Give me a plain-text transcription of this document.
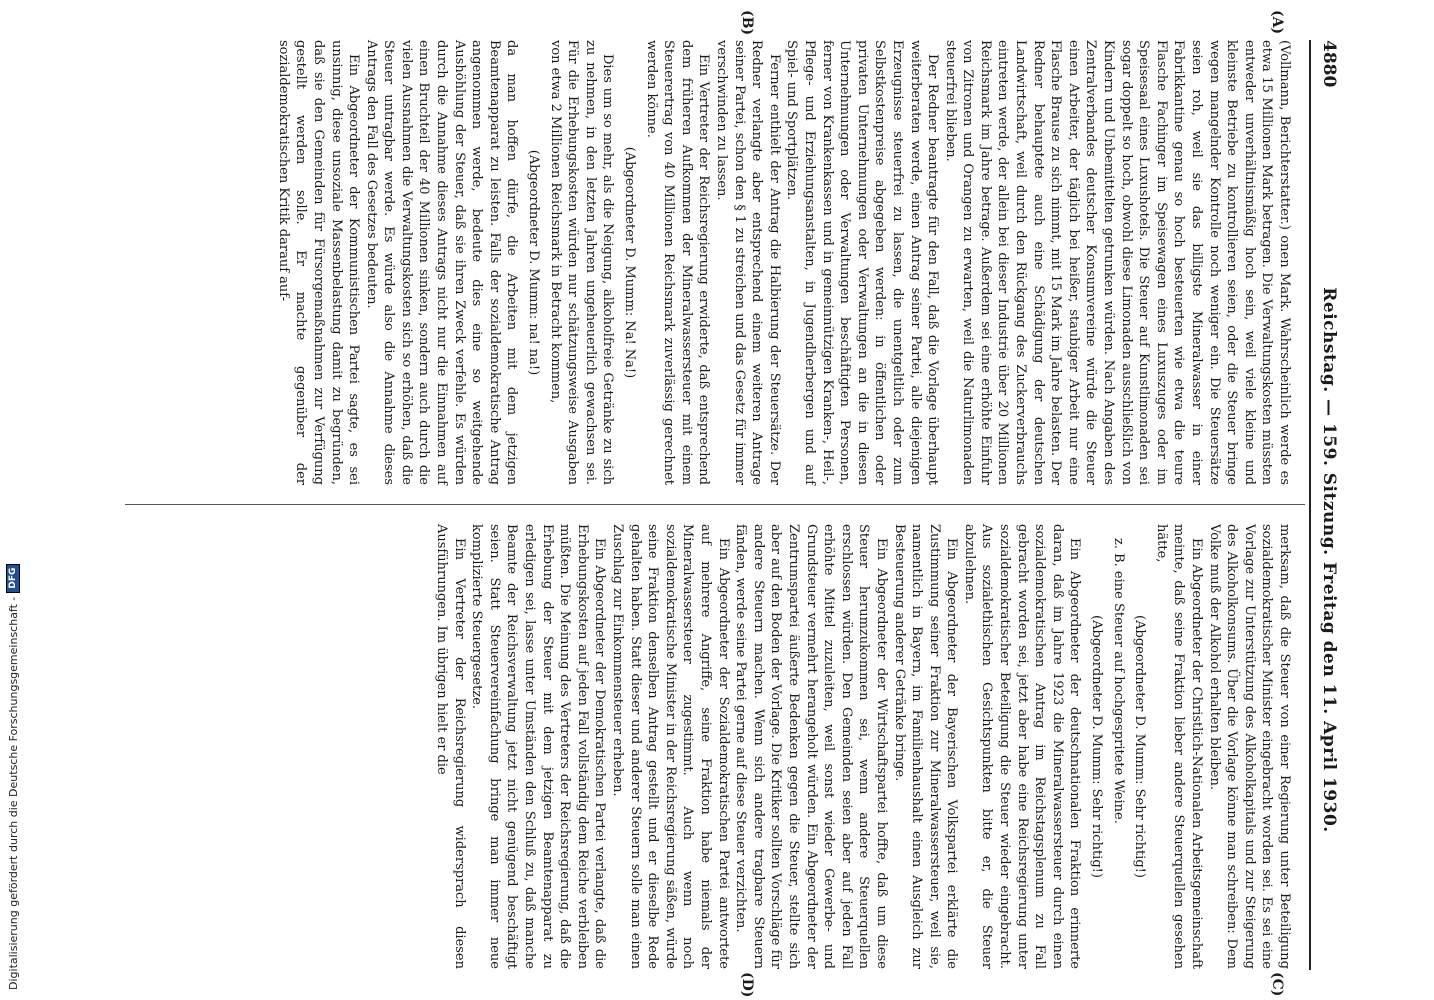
4880
Reichstag. — 159. Sitzung. Freitag den 11. April 1930.
(A)
(B)
(C)
(D)

(Vollmann, Berichterstatter.) onen Mark. Wahrscheinlich werde es etwa 15 Millionen Mark betragen. Die Verwaltungskosten müssten entweder unverhältnismäßig hoch sein, weil viele kleine und kleinste Betriebe zu kontrollieren seien, oder die Steuer bringe wegen mangelnder Kontrolle noch weniger ein. Die Steuersätze seien roh, weil sie das billigste Mineralwasser in einer Fabrikkantine genau so hoch besteuerten wie etwa die teure Flasche Fachinger im Speisewagen eines Luxuszuges oder im Speisesaal eines Luxushotels. Die Steuer auf Kunstlimonaden sei sogar doppelt so hoch, obwohl diese Limonaden ausschließlich von Kindern und Unbemittelten getrunken würden. Nach Angaben des Zentralverbandes deutscher Konsumvereine würde die Steuer einen Arbeiter, der täglich bei heißer, staubiger Arbeit nur eine Flasche Brause zu sich nimmt, mit 15 Mark im Jahre belasten. Der Redner behauptete auch eine Schädigung der deutschen Landwirtschaft, weil durch den Rückgang des Zuckerverbrauchs eintreten werde, der allein bei dieser Industrie über 20 Millionen Reichsmark im Jahre betrage. Außerdem sei eine erhöhte Einfuhr von Zitronen und Orangen zu erwarten, weil die Naturlimonaden steuerfrei blieben.

Der Redner beantragte für den Fall, daß die Vorlage überhaupt weiterberaten werde, einen Antrag seiner Partei, alle diejenigen Erzeugnisse steuerfrei zu lassen, die unentgeltlich oder zum Selbstkostenpreise abgegeben werden: in öffentlichen oder privaten Unternehmungen oder Verwaltungen an die in diesen Unternehmungen oder Verwaltungen beschäftigten Personen, ferner von Krankenkassen und in gemeinnützigen Kranken-, Heil-, Pflege- und Erziehungsanstalten, in Jugendherbergen und auf Spiel- und Sportplätzen.

Ferner enthielt der Antrag die Halbierung der Steuersätze. Der Redner verlangte aber entsprechend einem weiteren Antrage seiner Partei, schon den § 1 zu streichen und das Gesetz für immer verschwinden zu lassen.

Ein Vertreter der Reichsregierung erwiderte, daß entsprechend dem früheren Aufkommen der Mineralwassersteuer mit einem Steuerertrag von 40 Millionen Reichsmark zuverlässig gerechnet werden könne.

(Abgeordneter D. Mumm: Na! Na!)

Dies um so mehr, als die Neigung, alkoholfreie Getränke zu sich zu nehmen, in den letzten Jahren ungeheuerlich gewachsen sei. Für die Erhebungskosten würden nur schätzungsweise Ausgaben von etwa 2 Millionen Reichsmark in Betracht kommen,

(Abgeordneter D. Mumm: na! na!)

da man hoffen dürfe, die Arbeiten mit dem jetzigen Beamtenapparat zu leisten. Falls der sozialdemokratische Antrag angenommen werde, bedeute dies eine so weitgehende Aushöhlung der Steuer, daß sie ihren Zweck verfehle. Es würden durch die Annahme dieses Antrags nicht nur die Einnahmen auf einen Bruchteil der 40 Millionen sinken, sondern auch durch die vielen Ausnahmen die Verwaltungskosten sich so erhöhen, daß die Steuer untragbar werde. Es würde also die Annahme dieses Antrags den Fall des Gesetzes bedeuten.

Ein Abgeordneter der Kommunistischen Partei sagte, es sei unsinnig, diese unsoziale Massenbelastung damit zu begründen, daß sie den Gemeinden für Fürsorgemaßnahmen zur Verfügung gestellt werden solle. Er machte gegenüber der sozialdemokratischen Kritik darauf auf-

merksam, daß die Steuer von einer Regierung unter Beteiligung sozialdemokratischer Minister eingebracht worden sei. Es sei eine Vorlage zur Unterstützung des Alkoholkapitals und zur Steigerung des Alkoholkonsums. Über die Vorlage könne man schreiben: Dem Volke muß der Alkohol erhalten bleiben.

Ein Abgeordneter der Christlich-Nationalen Arbeitsgemeinschaft meinte, daß seine Fraktion lieber andere Steuerquellen gesehen hätte,

(Abgeordneter D. Mumm: Sehr richtig!)

z. B. eine Steuer auf hochgespritete Weine.

(Abgeordneter D. Mumm: Sehr richtig!)

Ein Abgeordneter der deutschnationalen Fraktion erinnerte daran, daß im Jahre 1923 die Mineralwassersteuer durch einen sozialdemokratischen Antrag im Reichstagsplenum zu Fall gebracht worden sei, jetzt aber habe eine Reichsregierung unter sozialdemokratischer Beteiligung die Steuer wieder eingebracht. Aus sozialethischen Gesichtspunkten bitte er, die Steuer abzulehnen.

Ein Abgeordneter der Bayerischen Volkspartei erklärte die Zustimmung seiner Fraktion zur Mineralwassersteuer, weil sie, namentlich in Bayern, im Familienhaushalt einen Ausgleich zur Besteuerung anderer Getränke bringe.

Ein Abgeordneter der Wirtschaftspartei hoffte, daß um diese Steuer herumzukommen sei, wenn andere Steuerquellen erschlossen würden. Den Gemeinden seien aber auf jeden Fall erhöhte Mittel zuzuleiten, weil sonst wieder Gewerbe- und Grundsteuer vermehrt herangeholt würden. Ein Abgeordneter der Zentrumspartei äußerte Bedenken gegen die Steuer, stellte sich aber auf den Boden der Vorlage. Die Kritiker sollten Vorschläge für andere Steuern machen. Wenn sich andere tragbare Steuern fänden, werde seine Partei gerne auf diese Steuer verzichten.

Ein Abgeordneter der Sozialdemokratischen Partei antwortete auf mehrere Angriffe, seine Fraktion habe niemals der Mineralwassersteuer zugestimmt. Auch wenn noch sozialdemokratische Minister in der Reichsregierung säßen, würde seine Fraktion denselben Antrag gestellt und er dieselbe Rede gehalten haben. Statt dieser und anderer Steuern solle man einen Zuschlag zur Einkommensteuer erheben.

Ein Abgeordneter der Demokratischen Partei verlangte, daß die Erhebungskosten auf jeden Fall vollständig dem Reiche verbleiben müßten. Die Meinung des Vertreters der Reichsregierung, daß die Erhebung der Steuer mit dem jetzigen Beamtenapparat zu erledigen sei, lasse unter Umständen den Schluß zu, daß manche Beamte der Reichsverwaltung jetzt nicht genügend beschäftigt seien. Statt Steuervereinfachung bringe man immer neue komplizierte Steuergesetze.

Ein Vertreter der Reichsregierung widersprach diesen Ausführungen. Im übrigen hielt er die

Digitalisierung gefördert durch die Deutsche Forschungsgemeinschaft -
DFG
